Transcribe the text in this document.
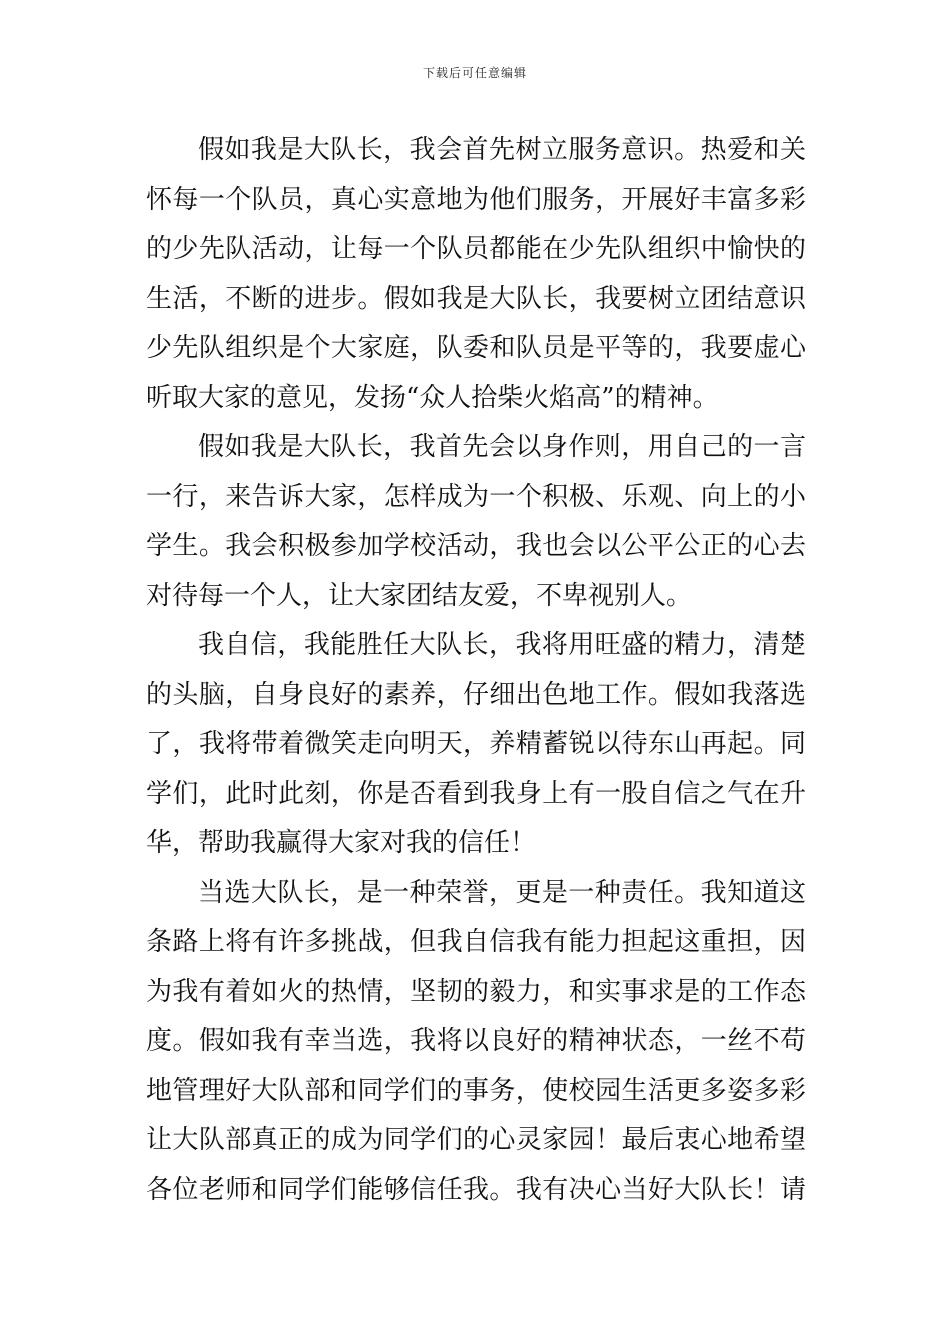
下载后可任意编辑
假如我是大队长，我会首先树立服务意识。热爱和关
怀每一个队员，真心实意地为他们服务，开展好丰富多彩
的少先队活动，让每一个队员都能在少先队组织中愉快的
生活，不断的进步。假如我是大队长，我要树立团结意识
少先队组织是个大家庭，队委和队员是平等的，我要虚心
听取大家的意见，发扬“众人拾柴火焰高”的精神。
假如我是大队长，我首先会以身作则，用自己的一言
一行，来告诉大家，怎样成为一个积极、乐观、向上的小
学生。我会积极参加学校活动，我也会以公平公正的心去
对待每一个人，让大家团结友爱，不卑视别人。
我自信，我能胜任大队长，我将用旺盛的精力，清楚
的头脑，自身良好的素养，仔细出色地工作。假如我落选
了，我将带着微笑走向明天，养精蓄锐以待东山再起。同
学们，此时此刻，你是否看到我身上有一股自信之气在升
华，帮助我赢得大家对我的信任！
当选大队长，是一种荣誉，更是一种责任。我知道这
条路上将有许多挑战，但我自信我有能力担起这重担，因
为我有着如火的热情，坚韧的毅力，和实事求是的工作态
度。假如我有幸当选，我将以良好的精神状态，一丝不苟
地管理好大队部和同学们的事务，使校园生活更多姿多彩
让大队部真正的成为同学们的心灵家园！最后衷心地希望
各位老师和同学们能够信任我。我有决心当好大队长！请
